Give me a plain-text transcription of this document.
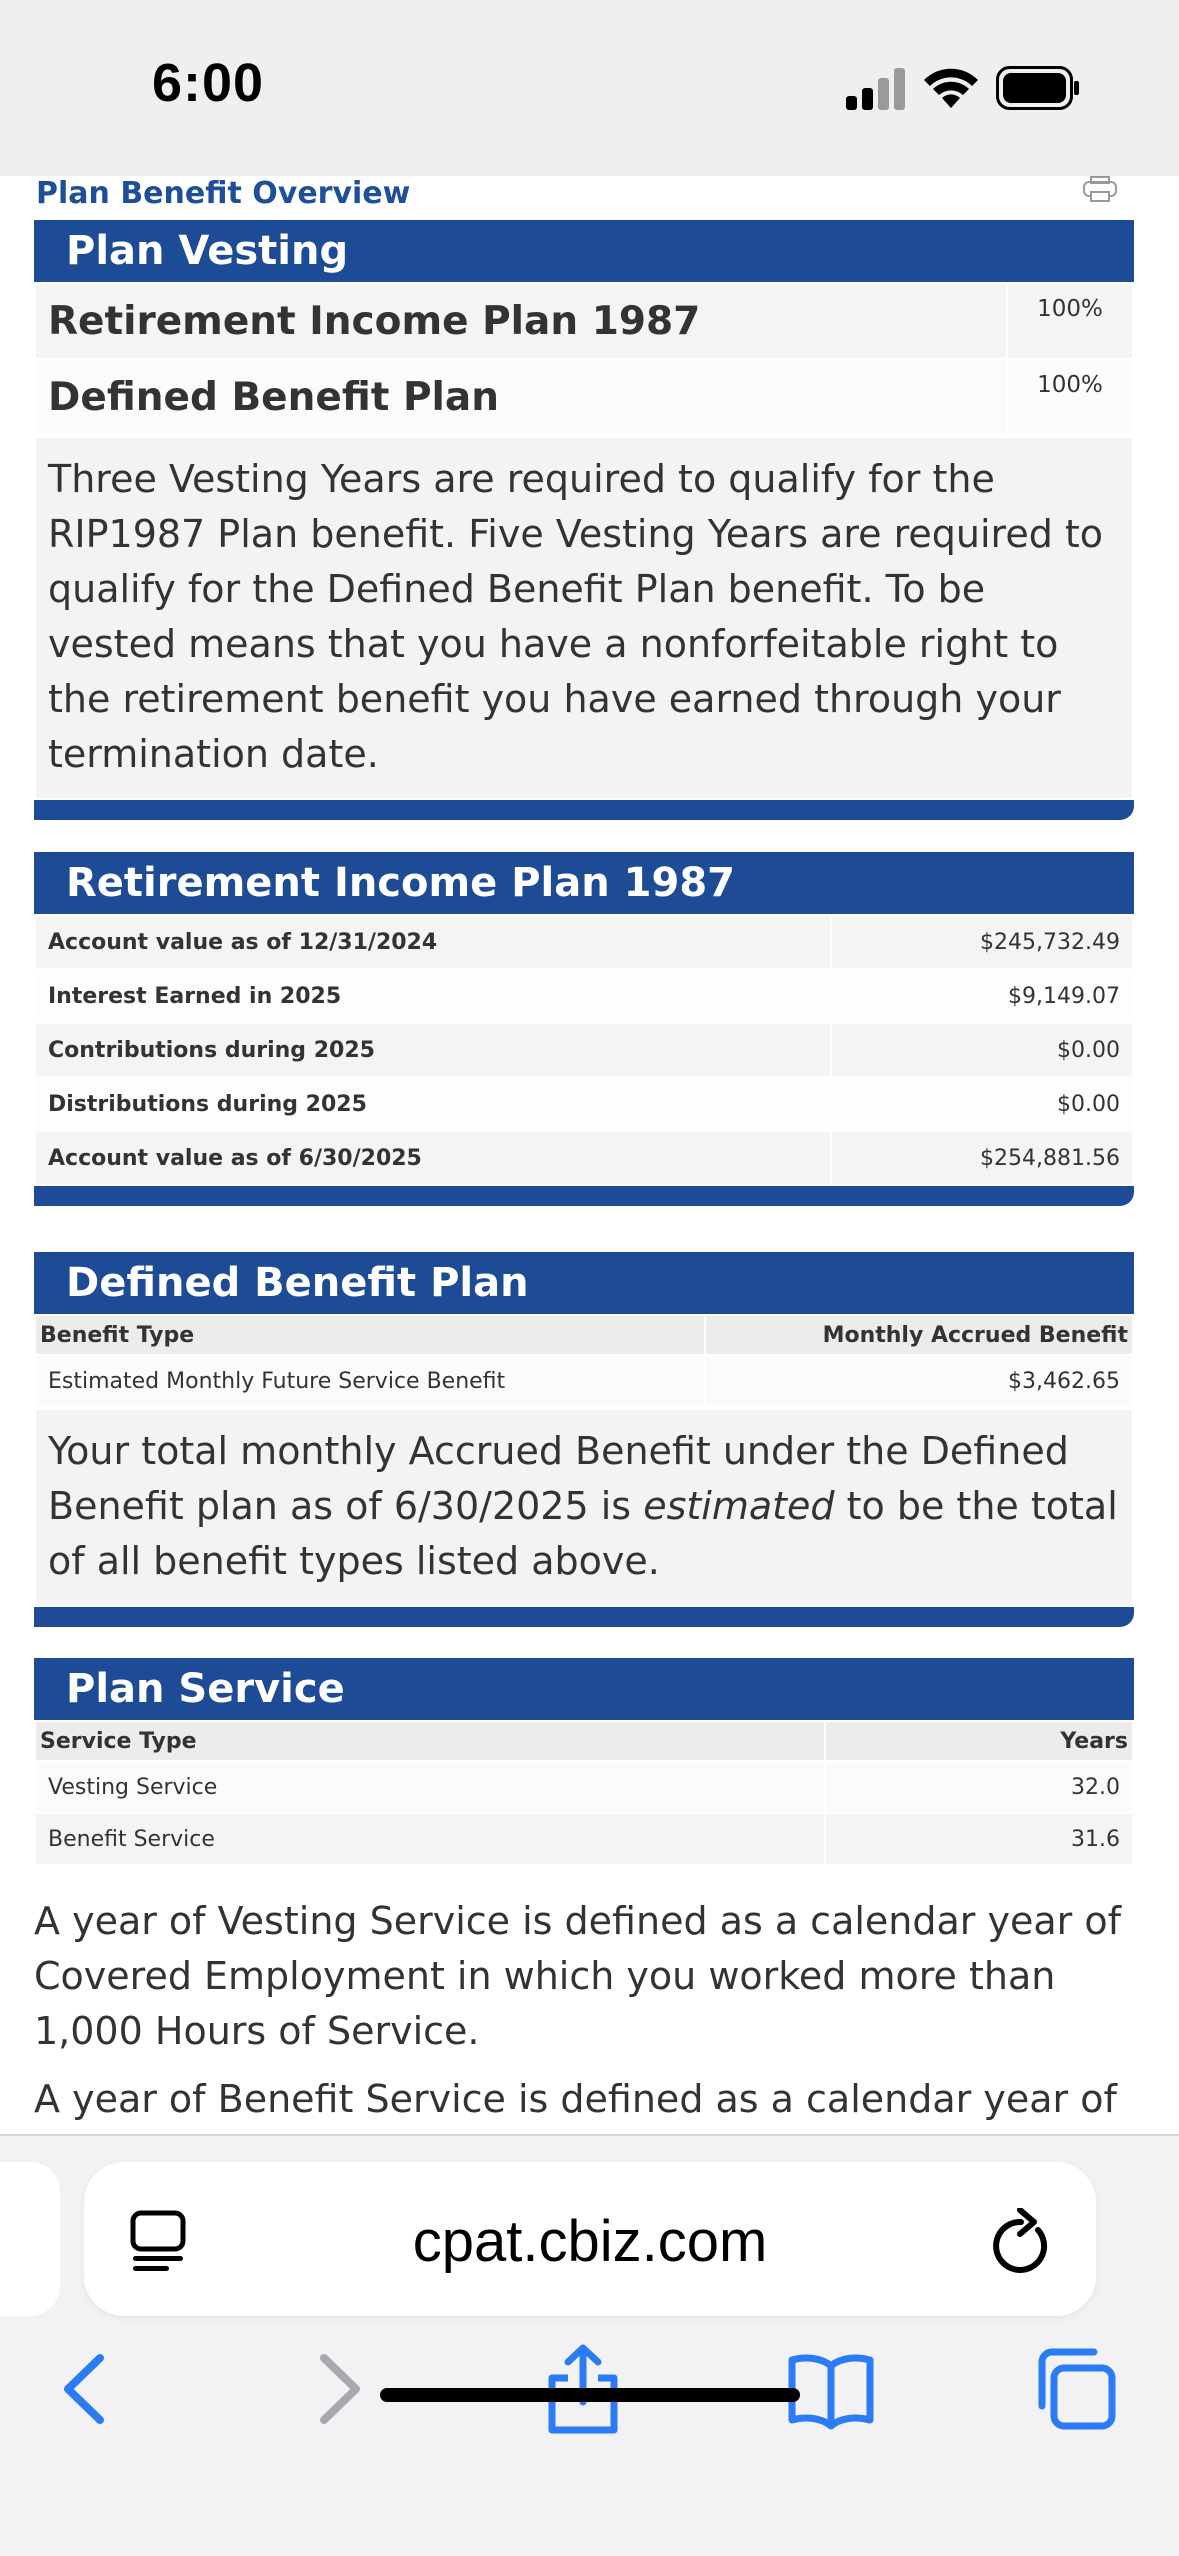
6:00
Plan Benefit Overview
Plan Vesting
Retirement Income Plan 1987	100%
Defined Benefit Plan	100%
Three Vesting Years are required to qualify for the RIP1987 Plan benefit. Five Vesting Years are required to qualify for the Defined Benefit Plan benefit. To be vested means that you have a nonforfeitable right to the retirement benefit you have earned through your termination date.
Retirement Income Plan 1987
Account value as of 12/31/2024	$245,732.49
Interest Earned in 2025	$9,149.07
Contributions during 2025	$0.00
Distributions during 2025	$0.00
Account value as of 6/30/2025	$254,881.56
Defined Benefit Plan
Benefit Type	Monthly Accrued Benefit
Estimated Monthly Future Service Benefit	$3,462.65
Your total monthly Accrued Benefit under the Defined Benefit plan as of 6/30/2025 is estimated to be the total of all benefit types listed above.
Plan Service
Service Type	Years
Vesting Service	32.0
Benefit Service	31.6
A year of Vesting Service is defined as a calendar year of Covered Employment in which you worked more than 1,000 Hours of Service.
A year of Benefit Service is defined as a calendar year of
cpat.cbiz.com
